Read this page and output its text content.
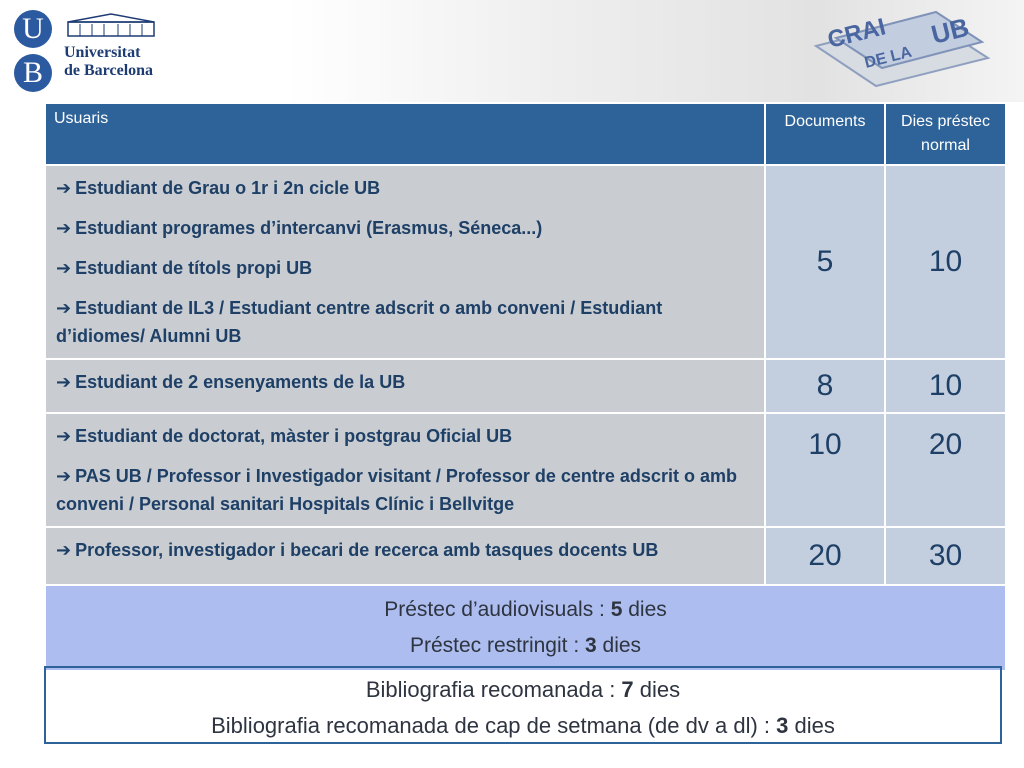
U
B
Universitat
de Barcelona
CRAI
DE LA
UB
Usuaris	Documents	Dies préstec normal

➔ Estudiant de Grau o 1r i 2n cicle UB
➔ Estudiant programes d’intercanvi (Erasmus, Séneca...)
➔ Estudiant de títols propi UB
➔ Estudiant de IL3 / Estudiant centre adscrit o amb conveni / Estudiant d’idiomes/ Alumni UB	5	10

➔ Estudiant de 2 ensenyaments de la UB	8	10

➔ Estudiant de doctorat, màster i postgrau Oficial UB
➔ PAS UB / Professor i Investigador visitant / Professor de centre adscrit o amb conveni / Personal sanitari Hospitals Clínic i Bellvitge	10	20

➔ Professor, investigador i becari de recerca amb tasques docents UB	20	30

Préstec d’audiovisuals : 5 dies
Préstec restringit : 3 dies		
Bibliografia recomanada : 7 dies
Bibliografia recomanada de cap de setmana (de dv a dl) : 3 dies
